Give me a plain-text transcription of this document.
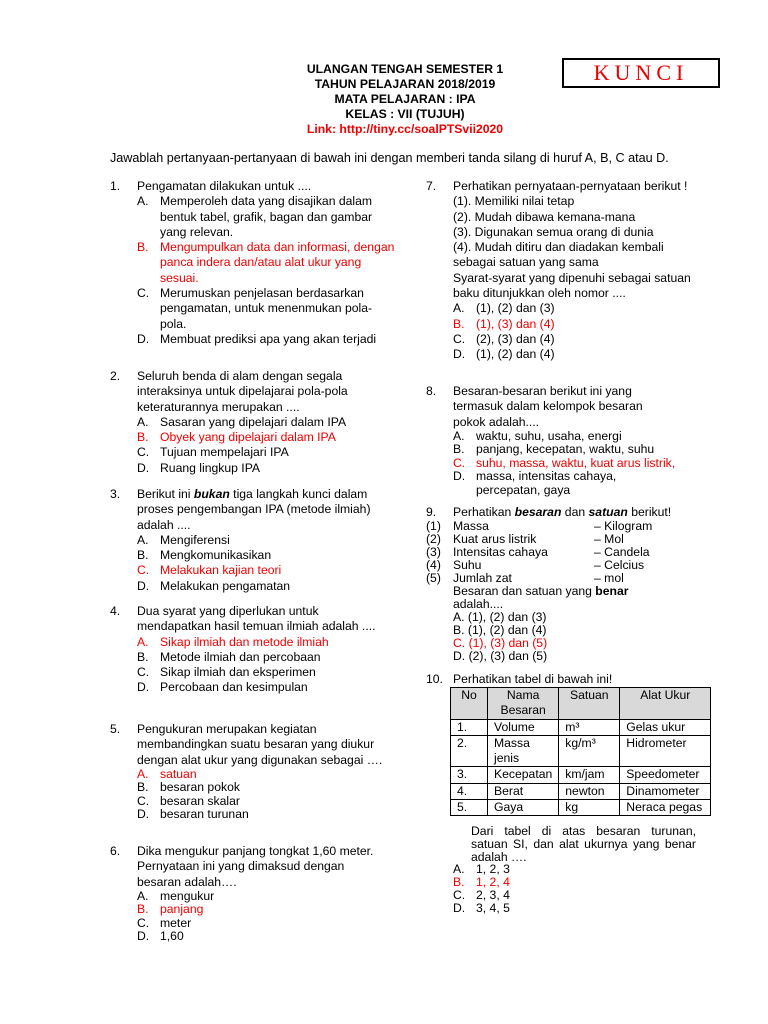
ULANGAN TENGAH SEMESTER 1
TAHUN PELAJARAN 2018/2019
MATA PELAJARAN : IPA
KELAS : VII (TUJUH)
Link: http://tiny.cc/soalPTSvii2020
KUNCI
Jawablah pertanyaan-pertanyaan di bawah ini dengan memberi tanda silang di huruf A, B, C atau D.
1. Pengamatan dilakukan untuk ....
A. Memperoleh data yang disajikan dalam bentuk tabel, grafik, bagan dan gambar yang relevan.
B. Mengumpulkan data dan informasi, dengan panca indera dan/atau alat ukur yang sesuai.
C. Merumuskan penjelasan berdasarkan pengamatan, untuk menenmukan pola-pola.
D. Membuat prediksi apa yang akan terjadi
2. Seluruh benda di alam dengan segala interaksinya untuk dipelajarai pola-pola keteraturannya merupakan ....
A. Sasaran yang dipelajari dalam IPA
B. Obyek yang dipelajari dalam IPA
C. Tujuan mempelajari IPA
D. Ruang lingkup IPA
3. Berikut ini bukan tiga langkah kunci dalam proses pengembangan IPA (metode ilmiah) adalah ....
A. Mengiferensi
B. Mengkomunikasikan
C. Melakukan kajian teori
D. Melakukan pengamatan
4. Dua syarat yang diperlukan untuk mendapatkan hasil temuan ilmiah adalah ....
A. Sikap ilmiah dan metode ilmiah
B. Metode ilmiah dan percobaan
C. Sikap ilmiah dan eksperimen
D. Percobaan dan kesimpulan
5. Pengukuran merupakan kegiatan membandingkan suatu besaran yang diukur dengan alat ukur yang digunakan sebagai ….
A. satuan
B. besaran pokok
C. besaran skalar
D. besaran turunan
6. Dika mengukur panjang tongkat 1,60 meter. Pernyataan ini yang dimaksud dengan besaran adalah….
A. mengukur
B. panjang
C. meter
D. 1,60
7. Perhatikan pernyataan-pernyataan berikut !
(1). Memiliki nilai tetap
(2). Mudah dibawa kemana-mana
(3). Digunakan semua orang di dunia
(4). Mudah ditiru dan diadakan kembali sebagai satuan yang sama
Syarat-syarat yang dipenuhi sebagai satuan baku ditunjukkan oleh nomor ....
A. (1), (2) dan (3)
B. (1), (3) dan (4)
C. (2), (3) dan (4)
D. (1), (2) dan (4)
8. Besaran-besaran berikut ini yang termasuk dalam kelompok besaran pokok adalah....
A. waktu, suhu, usaha, energi
B. panjang, kecepatan, waktu, suhu
C. suhu, massa, waktu, kuat arus listrik,
D. massa, intensitas cahaya, percepatan, gaya
9. Perhatikan besaran dan satuan berikut!
(1) Massa	– Kilogram
(2) Kuat arus listrik	– Mol
(3) Intensitas cahaya	– Candela
(4) Suhu	– Celcius
(5) Jumlah zat	– mol
Besaran dan satuan yang benar
adalah....
A. (1), (2) dan (3)
B. (1), (2) dan (4)
C. (1), (3) dan (5)
D. (2), (3) dan (5)
10. Perhatikan tabel di bawah ini!
No	Nama Besaran	Satuan	Alat Ukur
1.	Volume	m³	Gelas ukur
2.	Massa jenis	kg/m³	Hidrometer
3.	Kecepatan	km/jam	Speedometer
4.	Berat	newton	Dinamometer
5.	Gaya	kg	Neraca pegas
Dari tabel di atas besaran turunan, satuan SI, dan alat ukurnya yang benar adalah ….
A. 1, 2, 3
B. 1, 2, 4
C. 2, 3, 4
D. 3, 4, 5
